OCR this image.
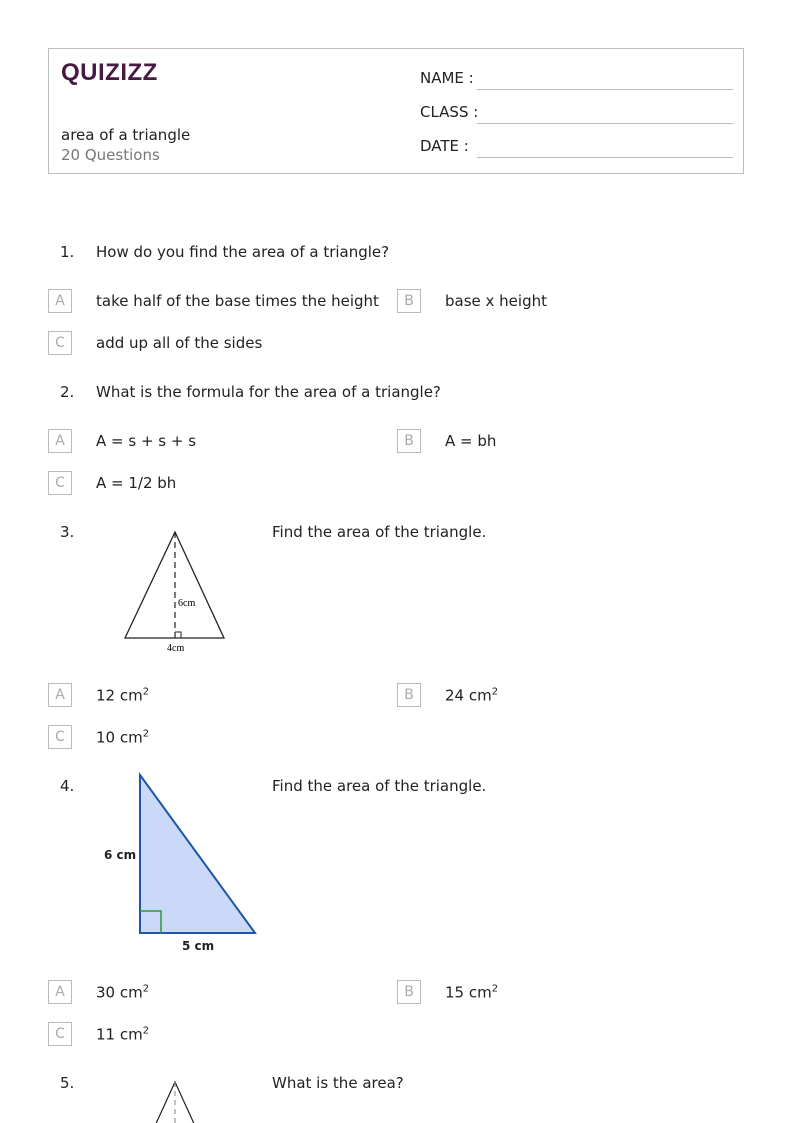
QUIZIZZ
area of a triangle
20 Questions
NAME :
CLASS :
DATE :
1. How do you find the area of a triangle?
A	take half of the base times the height	B	base x height
C	add up all of the sides
2. What is the formula for the area of a triangle?
A	A = s + s + s	B	A = bh
C	A = 1/2 bh
3.	Find the area of the triangle.
6cm
4cm
A	12 $cm^2$	B	24 $cm^2$
C	10 $cm^2$
4.	Find the area of the triangle.
6 cm
5 cm
A	30 $cm^2$	B	15 $cm^2$
C	11 $cm^2$
5.	What is the area?
